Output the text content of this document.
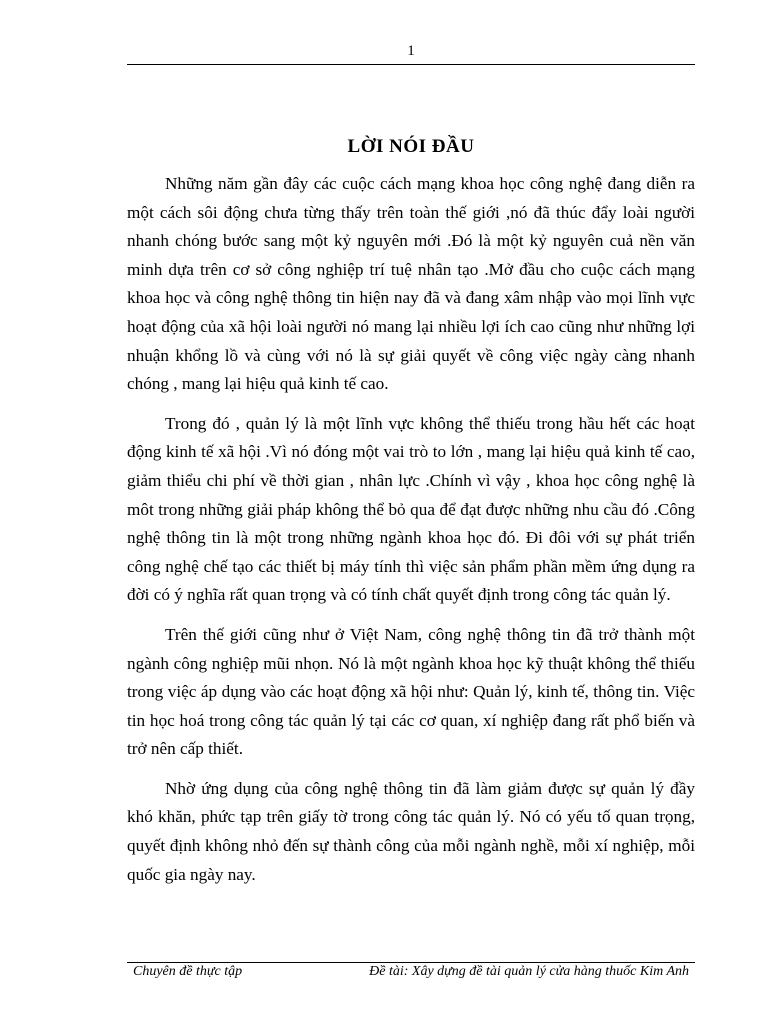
1
LỜI NÓI ĐẦU

Những năm gần đây các cuộc cách mạng khoa học công nghệ đang diễn ra một cách sôi động chưa từng thấy trên toàn thế giới ,nó đã thúc đẩy loài người nhanh chóng bước sang một kỷ nguyên mới .Đó là một kỷ nguyên cuả nền văn minh dựa trên cơ sở công nghiệp trí tuệ nhân tạo .Mở đầu cho cuộc cách mạng khoa học và công nghệ thông tin hiện nay đã và đang xâm nhập vào mọi lĩnh vực hoạt động của xã hội loài người nó mang lại nhiều lợi ích cao cũng như những lợi nhuận khổng lồ và cùng với nó là sự giải quyết về công việc ngày càng nhanh chóng , mang lại hiệu quả kinh tế cao.

Trong đó , quản lý là một lĩnh vực không thể thiếu trong hầu hết các hoạt động kinh tế xã hội .Vì nó đóng một vai trò to lớn , mang lại hiệu quả kinh tế cao, giảm thiểu chi phí về thời gian , nhân lực .Chính vì vậy , khoa học công nghệ là môt trong những giải pháp không thể bỏ qua để đạt được những nhu cầu đó .Công nghệ thông tin là một trong những ngành khoa học đó. Đi đôi với sự phát triển công nghệ chế tạo các thiết bị máy tính thì việc sản phẩm phần mềm ứng dụng ra đời có ý nghĩa rất quan trọng và có tính chất quyết định trong công tác quản lý.

Trên thế giới cũng như ở Việt Nam, công nghệ thông tin đã trở thành một ngành công nghiệp mũi nhọn. Nó là một ngành khoa học kỹ thuật không thể thiếu trong việc áp dụng vào các hoạt động xã hội như: Quản lý, kinh tế, thông tin. Việc tin học hoá trong công tác quản lý tại các cơ quan, xí nghiệp đang rất phổ biến và trở nên cấp thiết.

Nhờ ứng dụng của công nghệ thông tin đã làm giảm được sự quản lý đầy khó khăn, phức tạp trên giấy tờ trong công tác quản lý. Nó có yếu tố quan trọng, quyết định không nhỏ đến sự thành công của mỗi ngành nghề, mỗi xí nghiệp, mỗi quốc gia ngày nay.

Chuyên đề thực tập	Đề tài: Xây dựng đề tài quản lý cửa hàng thuốc Kim Anh
